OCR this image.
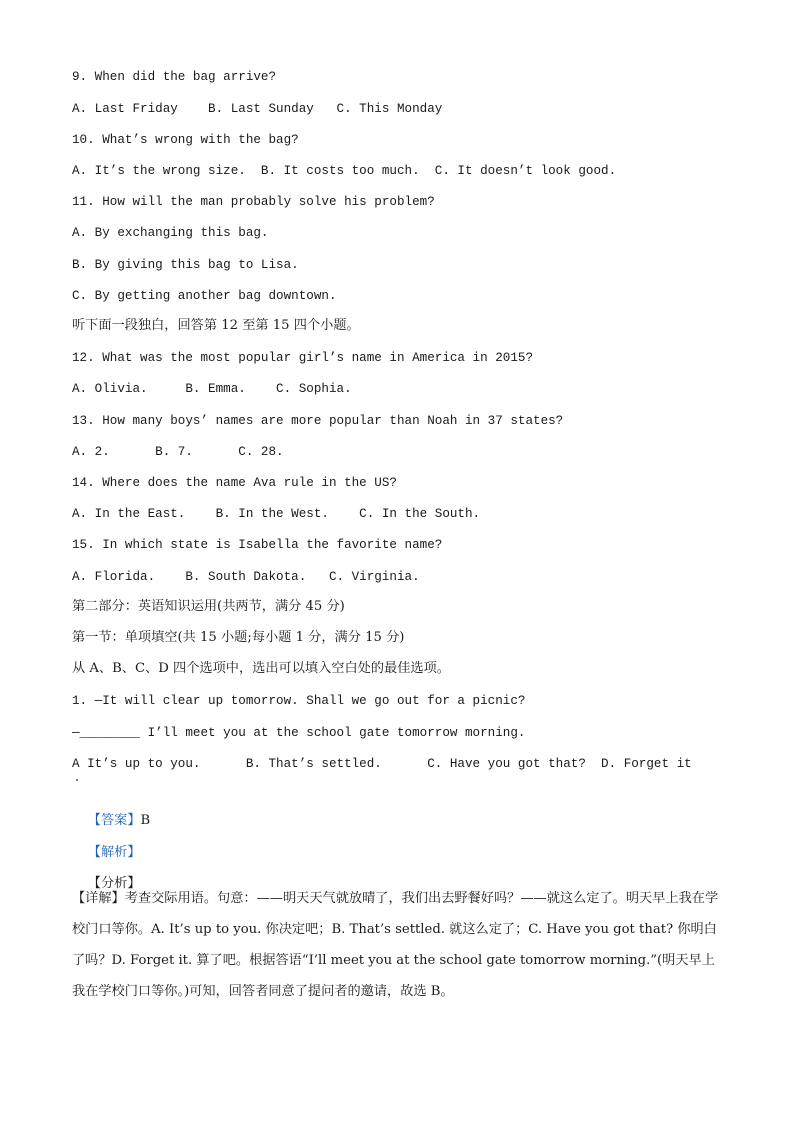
9. When did the bag arrive?
A. Last Friday    B. Last Sunday   C. This Monday
10. What’s wrong with the bag?
A. It’s the wrong size.  B. It costs too much.  C. It doesn’t look good.
11. How will the man probably solve his problem?
A. By exchanging this bag.
B. By giving this bag to Lisa.
C. By getting another bag downtown.
听下面一段独白，回答第 12 至第 15 四个小题。
12. What was the most popular girl’s name in America in 2015?
A. Olivia.     B. Emma.    C. Sophia.
13. How many boys’ names are more popular than Noah in 37 states?
A. 2.      B. 7.      C. 28.
14. Where does the name Ava rule in the US?
A. In the East.    B. In the West.    C. In the South.
15. In which state is Isabella the favorite name?
A. Florida.    B. South Dakota.   C. Virginia.
第二部分：英语知识运用(共两节，满分 45 分)
第一节：单项填空(共 15 小题;每小题 1 分，满分 15 分)
从 A、B、C、D 四个选项中，选出可以填入空白处的最佳选项。
1. —It will clear up tomorrow. Shall we go out for a picnic?
—________ I’ll meet you at the school gate tomorrow morning.
A It’s up to you.      B. That’s settled.      C. Have you got that?  D. Forget it

【答案】B

【解析】

【分析】

【详解】考查交际用语。句意：——明天天气就放晴了，我们出去野餐好吗？——就这么定了。明天早上我在学校门口等你。A. It’s up to you. 你决定吧；B. That’s settled. 就这么定了；C. Have you got that? 你明白了吗？D. Forget it. 算了吧。根据答语“I’ll meet you at the school gate tomorrow morning.”(明天早上我在学校门口等你。)可知，回答者同意了提问者的邀请，故选 B。
